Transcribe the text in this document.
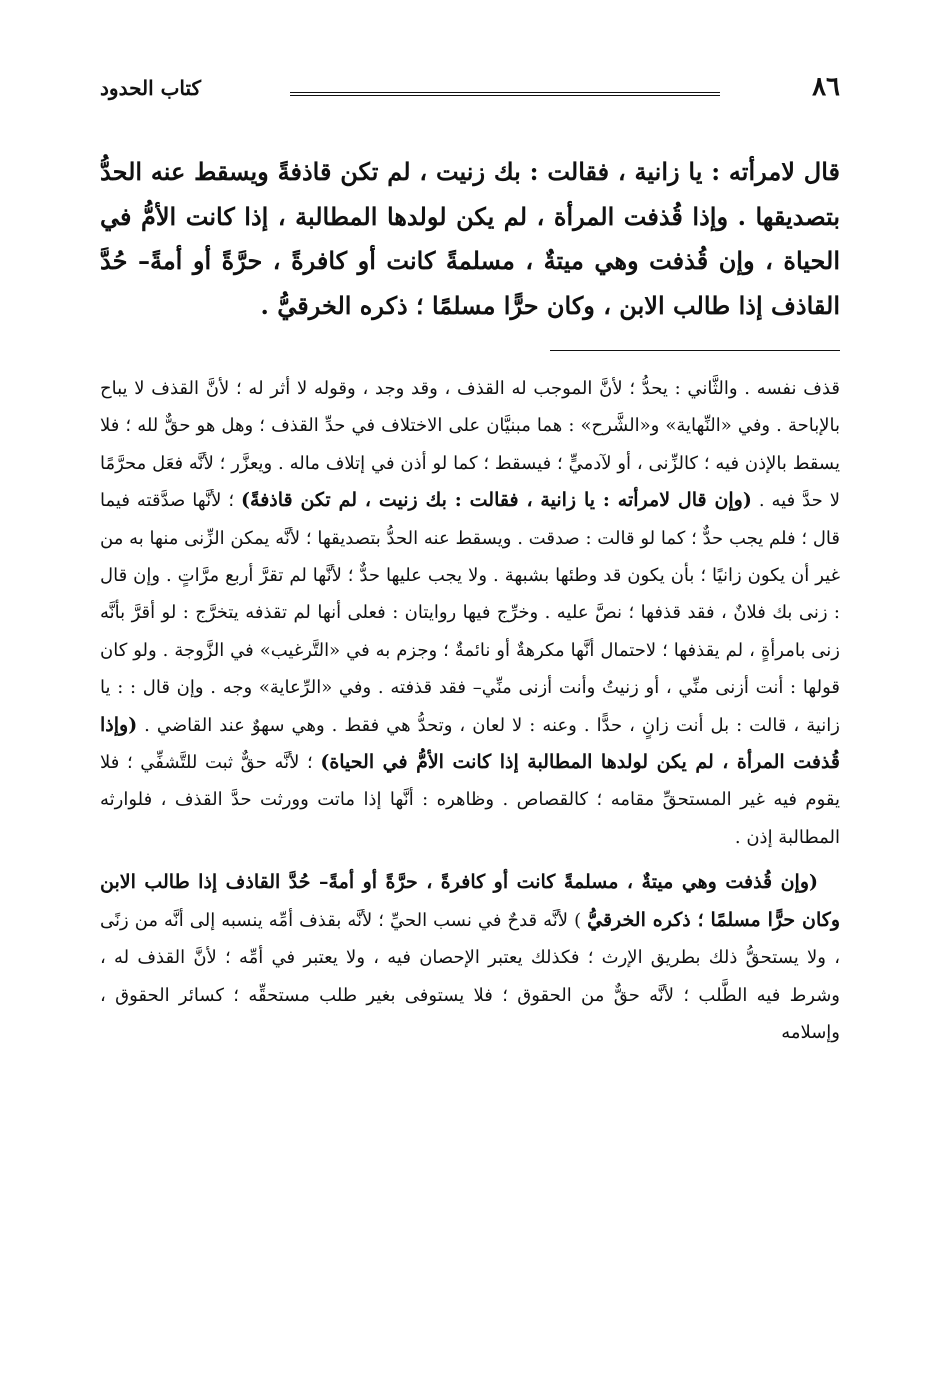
٨٦
كتاب الحدود
قال لامرأته : يا زانية ، فقالت : بك زنيت ، لم تكن قاذفةً ويسقط عنه الحدُّ بتصديقها . وإذا قُذفت المرأة ، لم يكن لولدها المطالبة ، إذا كانت الأمُّ في الحياة ، وإن قُذفت وهي ميتةٌ ، مسلمةً كانت أو كافرةً ، حرَّةً أو أمةً– حُدَّ القاذف إذا طالب الابن ، وكان حرًّا مسلمًا ؛ ذكره الخرقيُّ .

قذف نفسه . والثَّاني : يحدُّ ؛ لأنَّ الموجب له القذف ، وقد وجد ، وقوله لا أثر له ؛ لأنَّ القذف لا يباح بالإباحة . وفي «النِّهاية» و«الشَّرح» : هما مبنيَّان على الاختلاف في حدِّ القذف ؛ وهل هو حقٌّ لله ؛ فلا يسقط بالإذن فيه ؛ كالزِّنى ، أو لآدميٍّ ؛ فيسقط ؛ كما لو أذن في إتلاف ماله . ويعزَّر ؛ لأنَّه فعَل محرَّمًا لا حدَّ فيه . (وإن قال لامرأته : يا زانية ، فقالت : بك زنيت ، لم تكن قاذفةً) ؛ لأنَّها صدَّقته فيما قال ؛ فلم يجب حدٌّ ؛ كما لو قالت : صدقت . ويسقط عنه الحدُّ بتصديقها ؛ لأنَّه يمكن الزِّنى منها به من غير أن يكون زانيًا ؛ بأن يكون قد وطئها بشبهة . ولا يجب عليها حدٌّ ؛ لأنَّها لم تقرَّ أربع مرَّاتٍ . وإن قال : زنى بك فلانٌ ، فقد قذفها ؛ نصَّ عليه . وخرِّج فيها روايتان : فعلى أنها لم تقذفه يتخرَّج : لو أقرَّ بأنَّه زنى بامرأةٍ ، لم يقذفها ؛ لاحتمال أنَّها مكرهةٌ أو نائمةٌ ؛ وجزم به في «التَّرغيب» في الزَّوجة . ولو كان قولها : أنت أزنى منِّي ، أو زنيتُ وأنت أزنى منِّي– فقد قذفته . وفي «الرِّعاية» وجه . وإن قال : : يا زانية ، قالت : بل أنت زانٍ ، حدًّا . وعنه : لا لعان ، وتحدُّ هي فقط . وهي سهوٌ عند القاضي . (وإذا قُذفت المرأة ، لم يكن لولدها المطالبة إذا كانت الأمُّ في الحياة) ؛ لأنَّه حقٌّ ثبت للتَّشفِّي ؛ فلا يقوم فيه غير المستحقِّ مقامه ؛ كالقصاص . وظاهره : أنَّها إذا ماتت وورثت حدَّ القذف ، فلوارثه المطالبة إذن .

(وإن قُذفت وهي ميتةٌ ، مسلمةً كانت أو كافرةً ، حرَّةً أو أمةً– حُدَّ القاذف إذا طالب الابن وكان حرًّا مسلمًا ؛ ذكره الخرقيُّ ) لأنَّه قدحٌ في نسب الحيِّ ؛ لأنَّه بقذف أمِّه ينسبه إلى أنَّه من زنًى ، ولا يستحقُّ ذلك بطريق الإرث ؛ فكذلك يعتبر الإحصان فيه ، ولا يعتبر في أمِّه ؛ لأنَّ القذف له ، وشرط فيه الطَّلب ؛ لأنَّه حقٌّ من الحقوق ؛ فلا يستوفى بغير طلب مستحقِّه ؛ كسائر الحقوق ، وإسلامه
